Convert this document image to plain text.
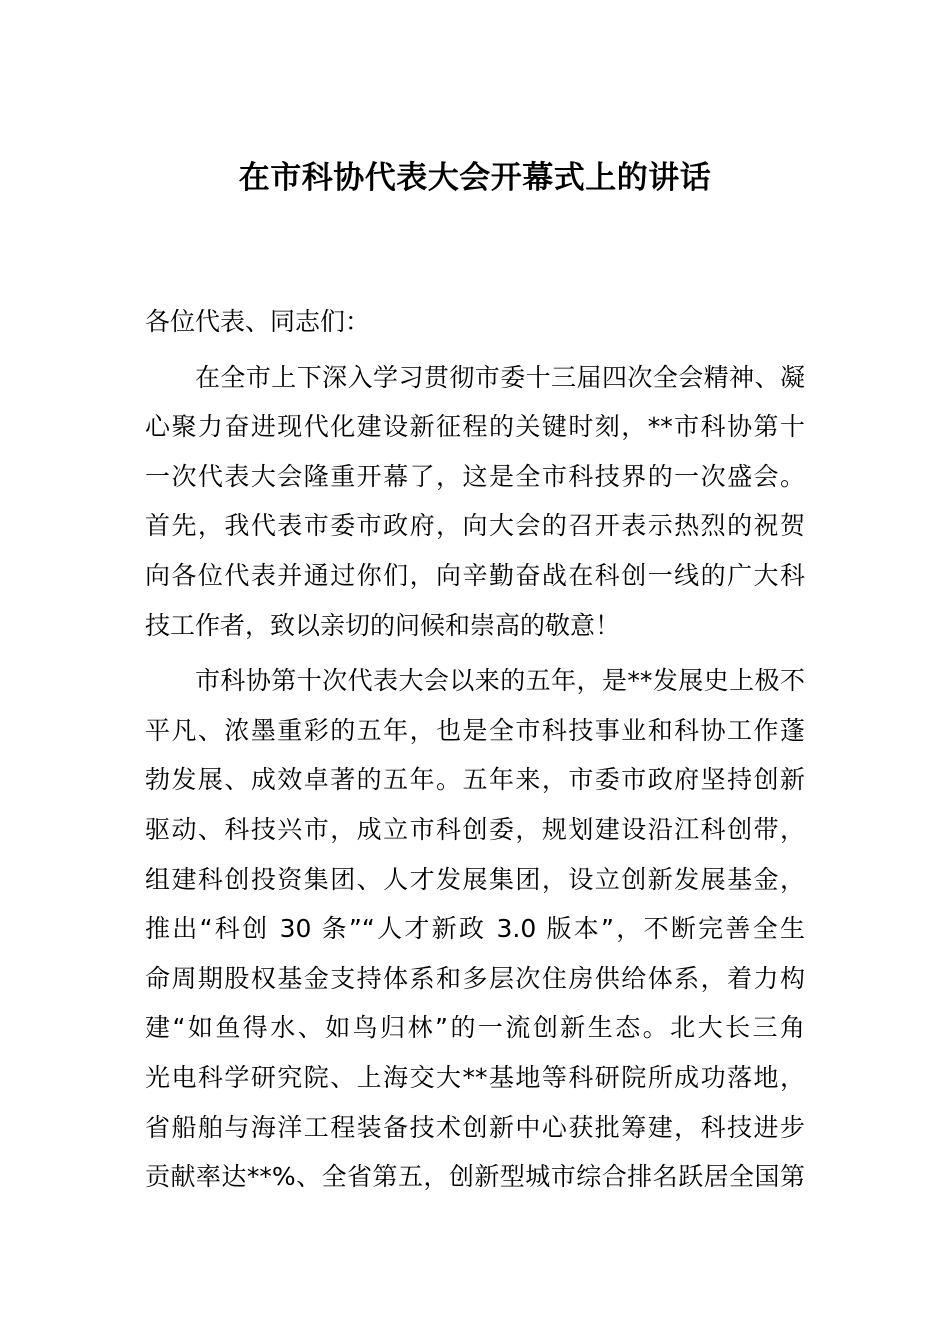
在市科协代表大会开幕式上的讲话
各位代表、同志们：
在全市上下深入学习贯彻市委十三届四次全会精神、凝
心聚力奋进现代化建设新征程的关键时刻，**市科协第十
一次代表大会隆重开幕了，这是全市科技界的一次盛会。
首先，我代表市委市政府，向大会的召开表示热烈的祝贺
向各位代表并通过你们，向辛勤奋战在科创一线的广大科
技工作者，致以亲切的问候和崇高的敬意！
市科协第十次代表大会以来的五年，是**发展史上极不
平凡、浓墨重彩的五年，也是全市科技事业和科协工作蓬
勃发展、成效卓著的五年。五年来，市委市政府坚持创新
驱动、科技兴市，成立市科创委，规划建设沿江科创带，
组建科创投资集团、人才发展集团，设立创新发展基金，
推出“科创 30 条”“人才新政 3.0 版本”，不断完善全生
命周期股权基金支持体系和多层次住房供给体系，着力构
建“如鱼得水、如鸟归林”的一流创新生态。北大长三角
光电科学研究院、上海交大**基地等科研院所成功落地，
省船舶与海洋工程装备技术创新中心获批筹建，科技进步
贡献率达**%、全省第五，创新型城市综合排名跃居全国第
